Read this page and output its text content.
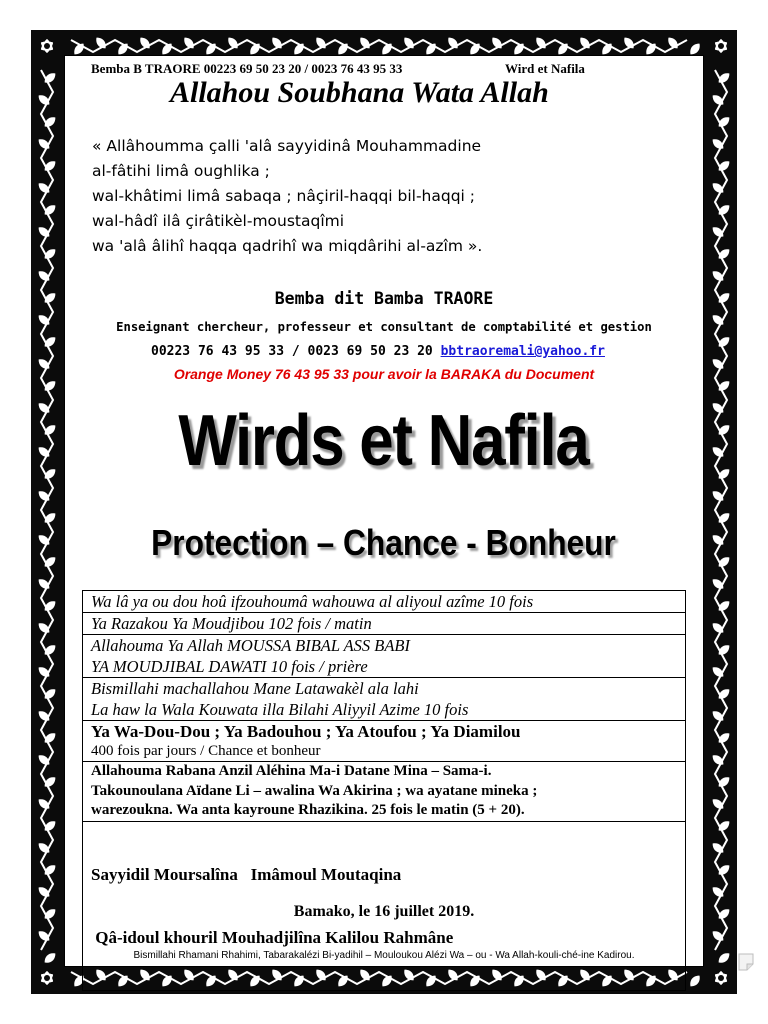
Bemba B TRAORE 00223 69 50 23 20 / 0023 76 43 95 33	Wird et Nafila
Allahou Soubhana Wata Allah
« Allâhoumma çalli 'alâ sayyidinâ Mouhammadine
al-fâtihi limâ oughlika ;
wal-khâtimi limâ sabaqa ; nâçiril-haqqi bil-haqqi ;
wal-hâdî ilâ çirâtikèl-moustaqîmi
wa 'alâ âlihî haqqa qadrihî wa miqdârihi al-azîm ».
Bemba dit Bamba TRAORE
Enseignant chercheur, professeur et consultant de comptabilité et gestion
00223 76 43 95 33 / 0023 69 50 23 20 bbtraoremali@yahoo.fr
Orange Money 76 43 95 33 pour avoir la BARAKA du Document
Wirds et Nafila
Protection – Chance - Bonheur
Wa lâ ya ou dou hoû ifzouhoumâ wahouwa al aliyoul azîme 10 fois

Ya Razakou Ya Moudjibou 102 fois / matin

Allahouma Ya Allah MOUSSA BIBAL ASS BABI
YA MOUDJIBAL DAWATI 10 fois / prière

Bismillahi machallahou Mane Latawakèl ala lahi
La haw la Wala Kouwata illa Bilahi Aliyyil Azime 10 fois

Ya Wa-Dou-Dou ; Ya Badouhou ; Ya Atoufou ; Ya Diamilou
400 fois par jours / Chance et bonheur

Allahouma Rabana Anzil Aléhina Ma-i Datane Mina – Sama-i.
Takounoulana Aïdane Li – awalina Wa Akirina ; wa ayatane mineka ;
warezoukna. Wa anta kayroune Rhazikina. 25 fois le matin (5 + 20).

Sayyidil Moursalîna   Imâmoul Moutaqina

Qâ-idoul khouril Mouhadjilîna Kalilou Rahmâne

Bamako, le 16 juillet 2019.
Bismillahi Rhamani Rhahimi, Tabarakalézi Bi-yadihil – Mouloukou Alézi Wa – ou - Wa Allah-kouli-ché-ine Kadirou.
